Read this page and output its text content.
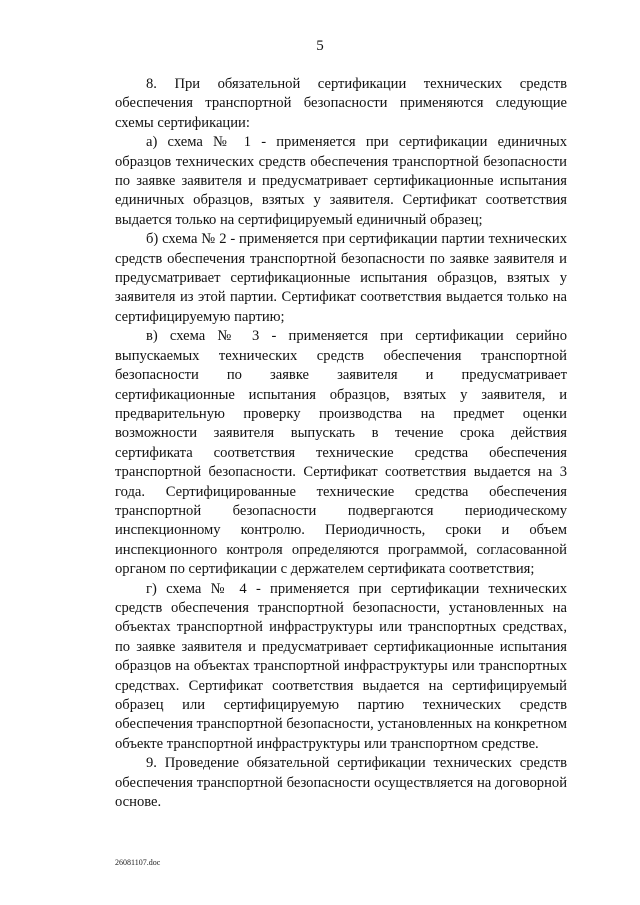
5

8. При обязательной сертификации технических средств обеспечения транспортной безопасности применяются следующие схемы сертификации:

а) схема № 1 - применяется при сертификации единичных образцов технических средств обеспечения транспортной безопасности по заявке заявителя и предусматривает сертификационные испытания единичных образцов, взятых у заявителя. Сертификат соответствия выдается только на сертифицируемый единичный образец;

б) схема № 2 - применяется при сертификации партии технических средств обеспечения транспортной безопасности по заявке заявителя и предусматривает сертификационные испытания образцов, взятых у заявителя из этой партии. Сертификат соответствия выдается только на сертифицируемую партию;

в) схема № 3 - применяется при сертификации серийно выпускаемых технических средств обеспечения транспортной безопасности по заявке заявителя и предусматривает сертификационные испытания образцов, взятых у заявителя, и предварительную проверку производства на предмет оценки возможности заявителя выпускать в течение срока действия сертификата соответствия технические средства обеспечения транспортной безопасности. Сертификат соответствия выдается на 3 года. Сертифицированные технические средства обеспечения транспортной безопасности подвергаются периодическому инспекционному контролю. Периодичность, сроки и объем инспекционного контроля определяются программой, согласованной органом по сертификации с держателем сертификата соответствия;

г) схема № 4 - применяется при сертификации технических средств обеспечения транспортной безопасности, установленных на объектах транспортной инфраструктуры или транспортных средствах, по заявке заявителя и предусматривает сертификационные испытания образцов на объектах транспортной инфраструктуры или транспортных средствах. Сертификат соответствия выдается на сертифицируемый образец или сертифицируемую партию технических средств обеспечения транспортной безопасности, установленных на конкретном объекте транспортной инфраструктуры или транспортном средстве.

9. Проведение обязательной сертификации технических средств обеспечения транспортной безопасности осуществляется на договорной основе.

26081107.doc
